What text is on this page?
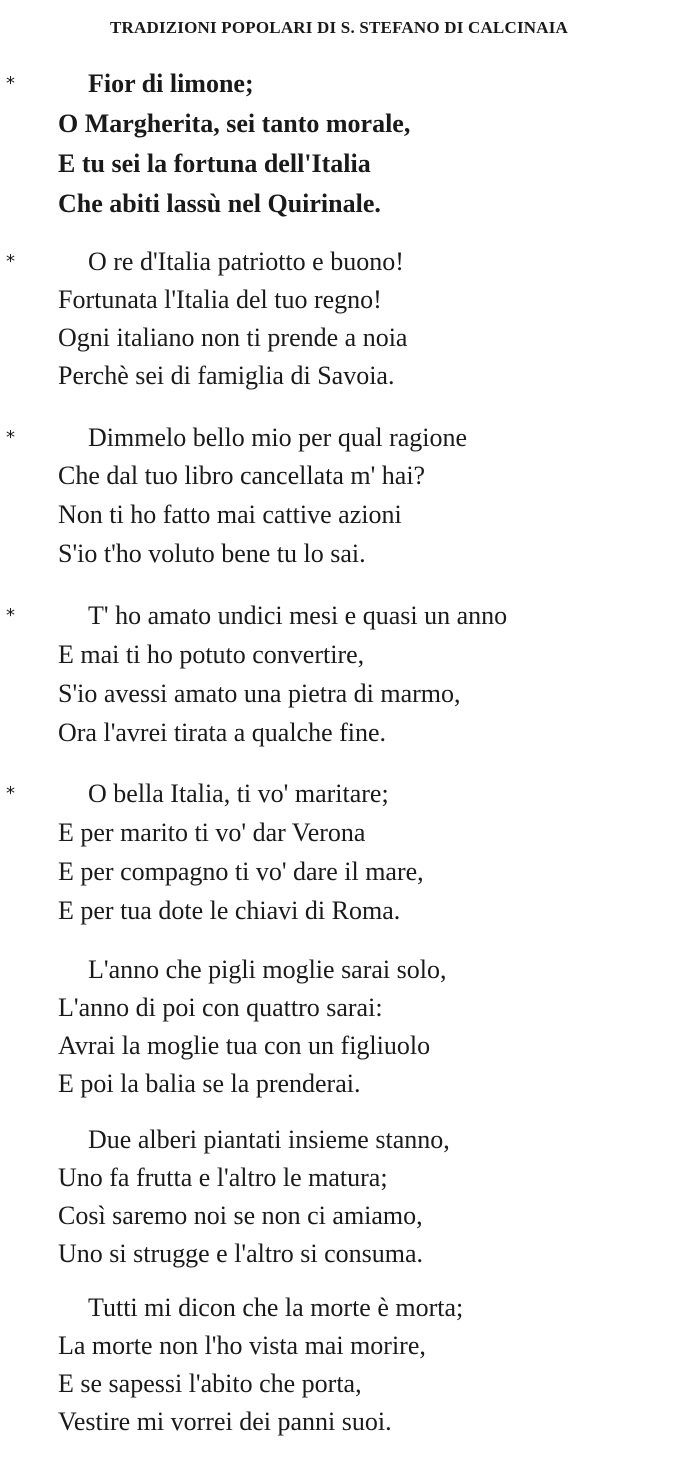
TRADIZIONI POPOLARI DI S. STEFANO DI CALCINAIA
*	Fior di limone;
O Margherita, sei tanto morale,
E tu sei la fortuna dell'Italia
Che abiti lassù nel Quirinale.
*	O re d'Italia patriotto e buono!
Fortunata l'Italia del tuo regno!
Ogni italiano non ti prende a noia
Perchè sei di famiglia di Savoia.
*	Dimmelo bello mio per qual ragione
Che dal tuo libro cancellata m' hai?
Non ti ho fatto mai cattive azioni
S'io t'ho voluto bene tu lo sai.
*	T' ho amato undici mesi e quasi un anno
E mai ti ho potuto convertire,
S'io avessi amato una pietra di marmo,
Ora l'avrei tirata a qualche fine.
*	O bella Italia, ti vo' maritare;
E per marito ti vo' dar Verona
E per compagno ti vo' dare il mare,
E per tua dote le chiavi di Roma.
L'anno che pigli moglie sarai solo,
L'anno di poi con quattro sarai:
Avrai la moglie tua con un figliuolo
E poi la balia se la prenderai.
Due alberi piantati insieme stanno,
Uno fa frutta e l'altro le matura;
Così saremo noi se non ci amiamo,
Uno si strugge e l'altro si consuma.
Tutti mi dicon che la morte è morta;
La morte non l'ho vista mai morire,
E se sapessi l'abito che porta,
Vestire mi vorrei dei panni suoi.
